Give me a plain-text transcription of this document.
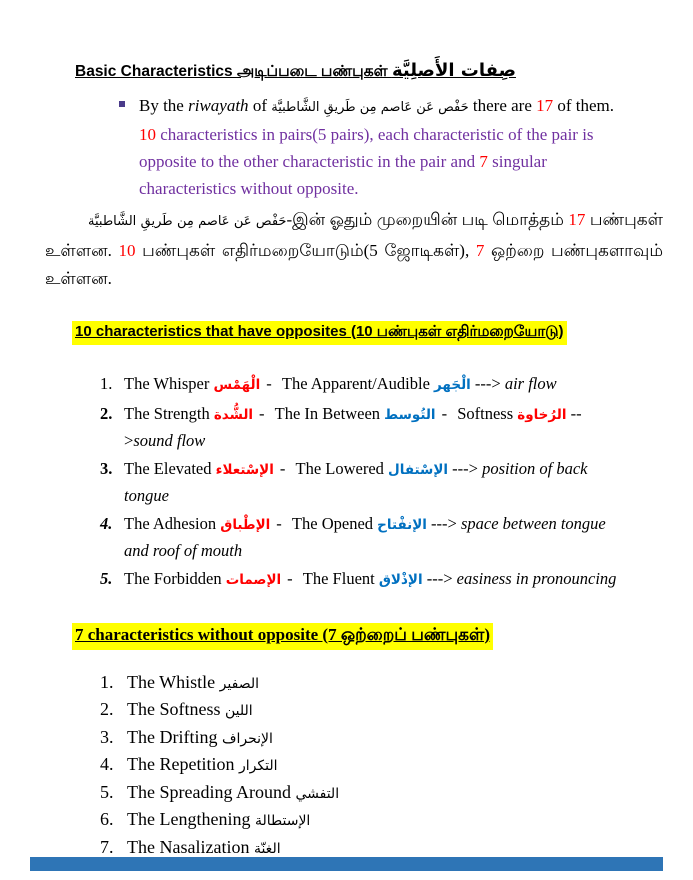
Basic Characteristics அடிப்படை பண்புகள் صِفات الأَصلِيَّة

By the riwayath of حَفْص عَن عَاصم مِن طَريقِ الشَّاطبيَّة there are 17 of them. 10 characteristics in pairs(5 pairs), each characteristic of the pair is opposite to the other characteristic in the pair and 7 singular characteristics without opposite.

حَفْص عَن عَاصم مِن طَريقِ الشَّاطبيَّة-இன் ஓதும் முறையின் படி மொத்தம் 17 பண்புகள் உள்ளன. 10 பண்புகள் எதிர்மறையோடும்(5 ஜோடிகள்), 7 ஒற்றை பண்புகளாவும் உள்ளன.

10 characteristics that have opposites (10 பண்புகள் எதிர்மறையோடு)
1. The Whisper الْهَمْس - The Apparent/Audible الْجَهر ---> air flow

2. The Strength الشُّدة - The In Between التُوسط - Softness الرُخاوة -->sound flow

3. The Elevated الإسْتعلاء - The Lowered الإسْتفال ---> position of back tongue

4. The Adhesion الإطْباق - The Opened الإنفْتاح ---> space between tongue and roof of mouth

5. The Forbidden الإصمات - The Fluent الإذْلاق ---> easiness in pronouncing

7 characteristics without opposite (7 ஒற்றைப் பண்புகள்)
1. The Whistle الصفير

2. The Softness اللين

3. The Drifting الإنحراف

4. The Repetition التكرار

5. The Spreading Around التفشي

6. The Lengthening الإستطالة

7. The Nasalization الغنّة
